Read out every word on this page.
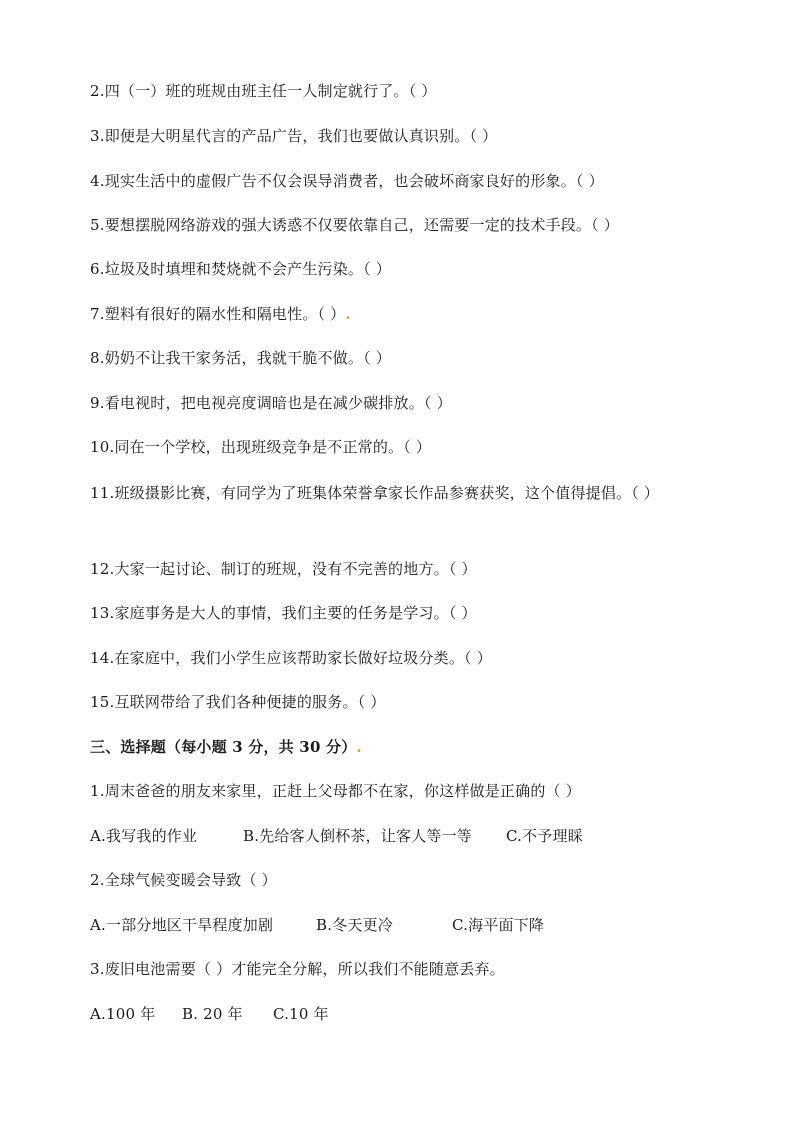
2.四（一）班的班规由班主任一人制定就行了。（ ）
3.即便是大明星代言的产品广告，我们也要做认真识别。（ ）
4.现实生活中的虚假广告不仅会误导消费者，也会破坏商家良好的形象。（ ）
5.要想摆脱网络游戏的强大诱惑不仅要依靠自己，还需要一定的技术手段。（ ）
6.垃圾及时填埋和焚烧就不会产生污染。（ ）
7.塑料有很好的隔水性和隔电性。（ ）.
8.奶奶不让我干家务活，我就干脆不做。（ ）
9.看电视时，把电视亮度调暗也是在减少碳排放。（ ）
10.同在一个学校，出现班级竞争是不正常的。（ ）
11.班级摄影比赛，有同学为了班集体荣誉拿家长作品参赛获奖，这个值得提倡。（ ）
12.大家一起讨论、制订的班规，没有不完善的地方。（ ）
13.家庭事务是大人的事情，我们主要的任务是学习。（ ）
14.在家庭中，我们小学生应该帮助家长做好垃圾分类。（ ）
15.互联网带给了我们各种便捷的服务。（ ）
三、选择题（每小题 3 分，共 30 分）.
1.周末爸爸的朋友来家里，正赶上父母都不在家，你这样做是正确的（ ）
A.我写我的作业	B.先给客人倒杯茶，让客人等一等 C.不予理睬
2.全球气候变暖会导致（ ）
A.一部分地区干旱程度加剧	B.冬天更冷	C.海平面下降
3.废旧电池需要（ ）才能完全分解，所以我们不能随意丢弃。
A.100 年 B. 20 年 C.10 年
